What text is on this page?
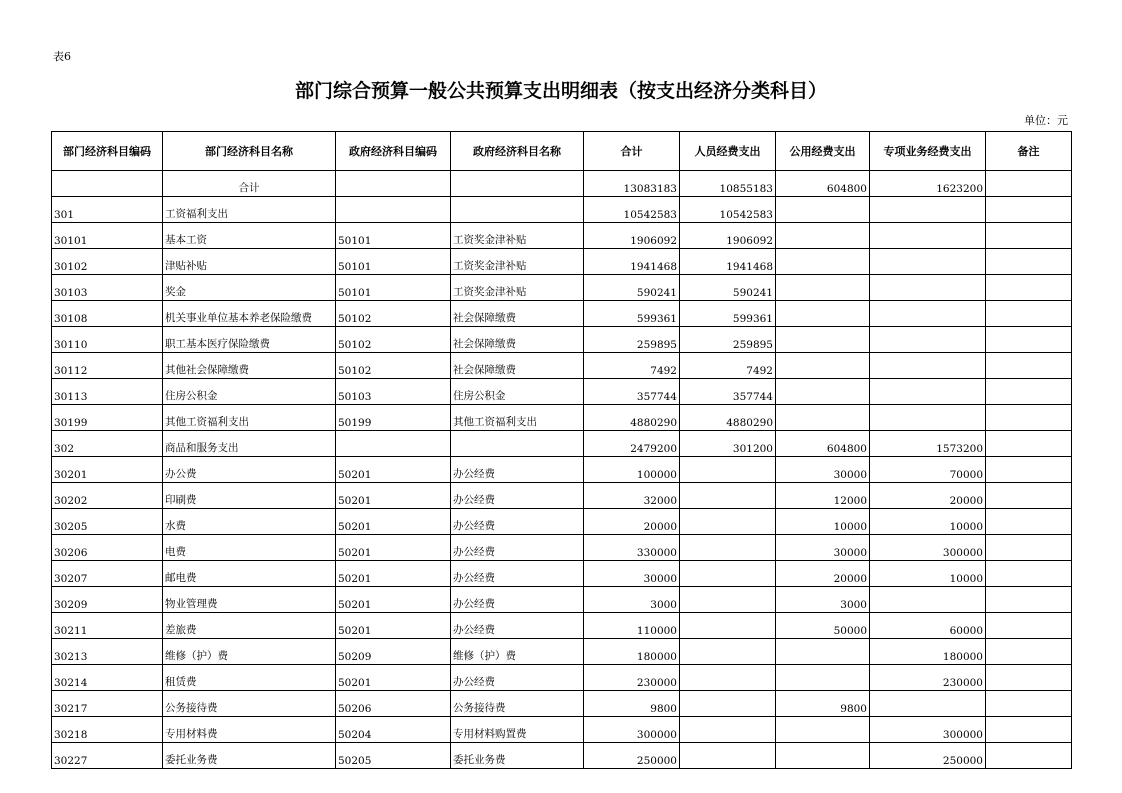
表6
部门综合预算一般公共预算支出明细表（按支出经济分类科目）
单位：元
部门经济科目编码	部门经济科目名称	政府经济科目编码	政府经济科目名称	合计	人员经费支出	公用经费支出	专项业务经费支出	备注
	合计			13083183	10855183	604800	1623200	
301	工资福利支出			10542583	10542583			
30101	基本工资	50101	工资奖金津补贴	1906092	1906092			
30102	津贴补贴	50101	工资奖金津补贴	1941468	1941468			
30103	奖金	50101	工资奖金津补贴	590241	590241			
30108	机关事业单位基本养老保险缴费	50102	社会保障缴费	599361	599361			
30110	职工基本医疗保险缴费	50102	社会保障缴费	259895	259895			
30112	其他社会保障缴费	50102	社会保障缴费	7492	7492			
30113	住房公积金	50103	住房公积金	357744	357744			
30199	其他工资福利支出	50199	其他工资福利支出	4880290	4880290			
302	商品和服务支出			2479200	301200	604800	1573200	
30201	办公费	50201	办公经费	100000		30000	70000	
30202	印刷费	50201	办公经费	32000		12000	20000	
30205	水费	50201	办公经费	20000		10000	10000	
30206	电费	50201	办公经费	330000		30000	300000	
30207	邮电费	50201	办公经费	30000		20000	10000	
30209	物业管理费	50201	办公经费	3000		3000		
30211	差旅费	50201	办公经费	110000		50000	60000	
30213	维修（护）费	50209	维修（护）费	180000			180000	
30214	租赁费	50201	办公经费	230000			230000	
30217	公务接待费	50206	公务接待费	9800		9800		
30218	专用材料费	50204	专用材料购置费	300000			300000	
30227	委托业务费	50205	委托业务费	250000			250000	
